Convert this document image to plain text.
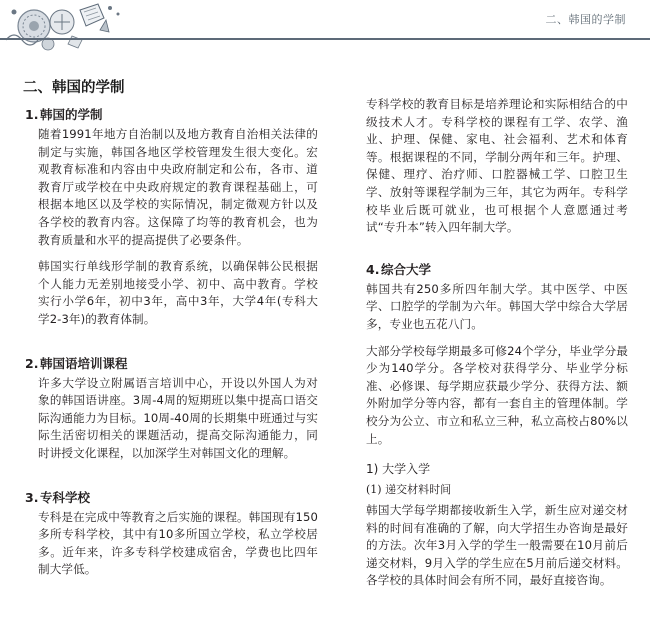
二、韩国的学制
二、韩国的学制
1. 韩国的学制

随着1991年地方自治制以及地方教育自治相关法律的制定与实施，韩国各地区学校管理发生很大变化。宏观教育标准和内容由中央政府制定和公布，各市、道教育厅或学校在中央政府规定的教育课程基础上，可根据本地区以及学校的实际情况，制定微观方针以及各学校的教育内容。这保障了均等的教育机会，也为教育质量和水平的提高提供了必要条件。

韩国实行单线形学制的教育系统，以确保韩公民根据个人能力无差别地接受小学、初中、高中教育。学校实行小学6年，初中3年，高中3年，大学4年(专科大学2-3年)的教育体制。

2. 韩国语培训课程

许多大学设立附属语言培训中心，开设以外国人为对象的韩国语讲座。3周-4周的短期班以集中提高口语交际沟通能力为目标。10周-40周的长期集中班通过与实际生活密切相关的课题活动，提高交际沟通能力，同时讲授文化课程，以加深学生对韩国文化的理解。

3. 专科学校

专科是在完成中等教育之后实施的课程。韩国现有150多所专科学校，其中有10多所国立学校，私立学校居多。近年来，许多专科学校建成宿舍，学费也比四年制大学低。

专科学校的教育目标是培养理论和实际相结合的中级技术人才。专科学校的课程有工学、农学、渔业、护理、保健、家电、社会福利、艺术和体育等。根据课程的不同，学制分两年和三年。护理、保健、理疗、治疗师、口腔器械工学、口腔卫生学、放射等课程学制为三年，其它为两年。专科学校毕业后既可就业，也可根据个人意愿通过考试“专升本”转入四年制大学。

4. 综合大学

韩国共有250多所四年制大学。其中医学、中医学、口腔学的学制为六年。韩国大学中综合大学居多，专业也五花八门。

大部分学校每学期最多可修24个学分，毕业学分最少为140学分。各学校对获得学分、毕业学分标准、必修课、每学期应获最少学分、获得方法、额外附加学分等内容，都有一套自主的管理体制。学校分为公立、市立和私立三种，私立高校占80%以上。

1) 大学入学
(1) 递交材料时间

韩国大学每学期都接收新生入学，新生应对递交材料的时间有准确的了解，向大学招生办咨询是最好的方法。次年3月入学的学生一般需要在10月前后递交材料，9月入学的学生应在5月前后递交材料。各学校的具体时间会有所不同，最好直接咨询。
